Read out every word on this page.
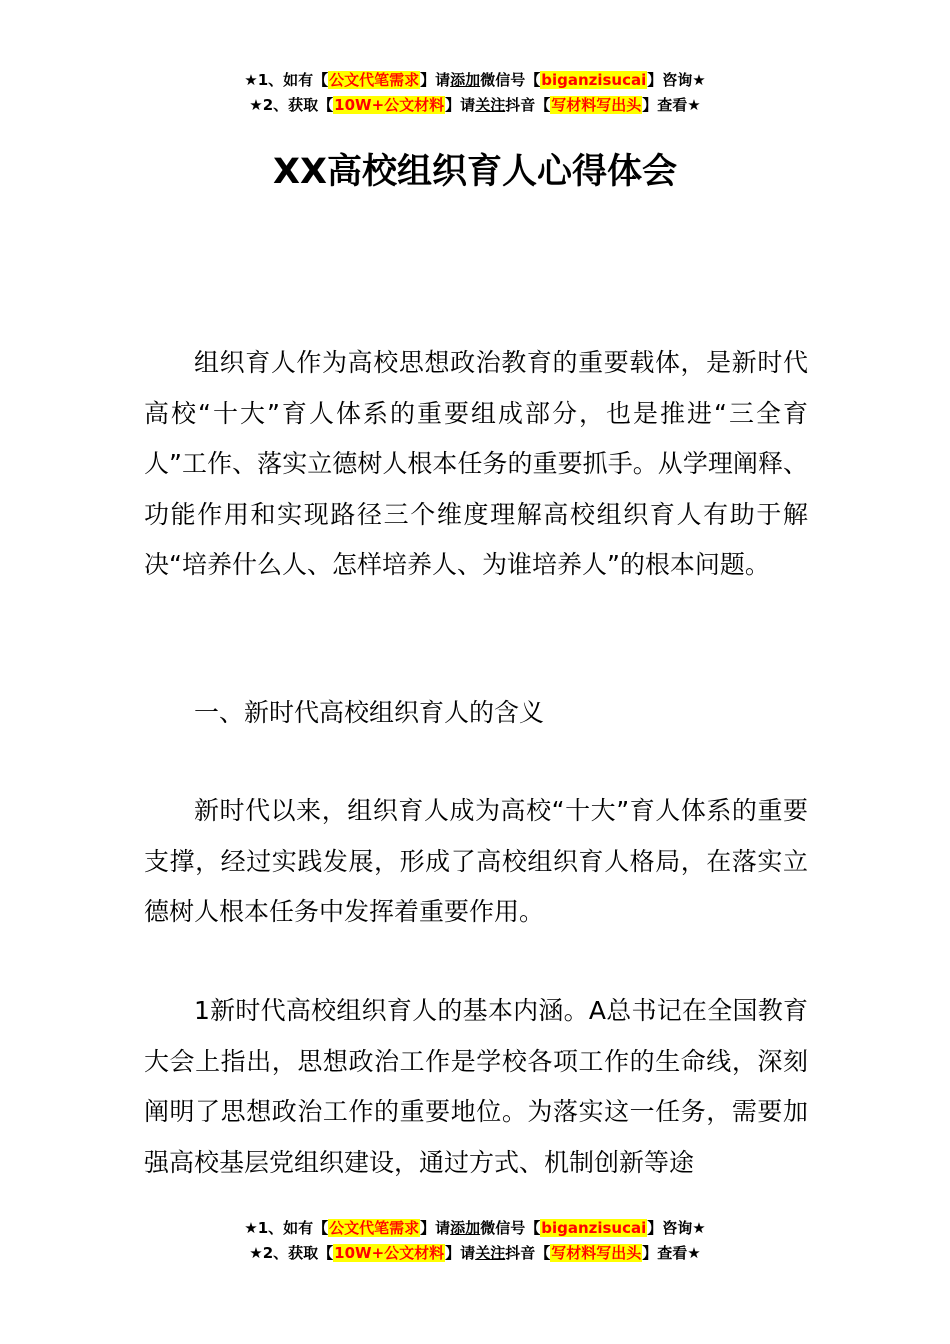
★1、如有【公文代笔需求】请添加微信号【biganzisucai】咨询★
★2、获取【10W+公文材料】请关注抖音【写材料写出头】查看★
XX高校组织育人心得体会

组织育人作为高校思想政治教育的重要载体，是新时代高校“十大”育人体系的重要组成部分，也是推进“三全育人”工作、落实立德树人根本任务的重要抓手。从学理阐释、功能作用和实现路径三个维度理解高校组织育人有助于解决“培养什么人、怎样培养人、为谁培养人”的根本问题。

一、新时代高校组织育人的含义

新时代以来，组织育人成为高校“十大”育人体系的重要支撑，经过实践发展，形成了高校组织育人格局，在落实立德树人根本任务中发挥着重要作用。

1新时代高校组织育人的基本内涵。A总书记在全国教育大会上指出，思想政治工作是学校各项工作的生命线，深刻阐明了思想政治工作的重要地位。为落实这一任务，需要加强高校基层党组织建设，通过方式、机制创新等途

★1、如有【公文代笔需求】请添加微信号【biganzisucai】咨询★
★2、获取【10W+公文材料】请关注抖音【写材料写出头】查看★
